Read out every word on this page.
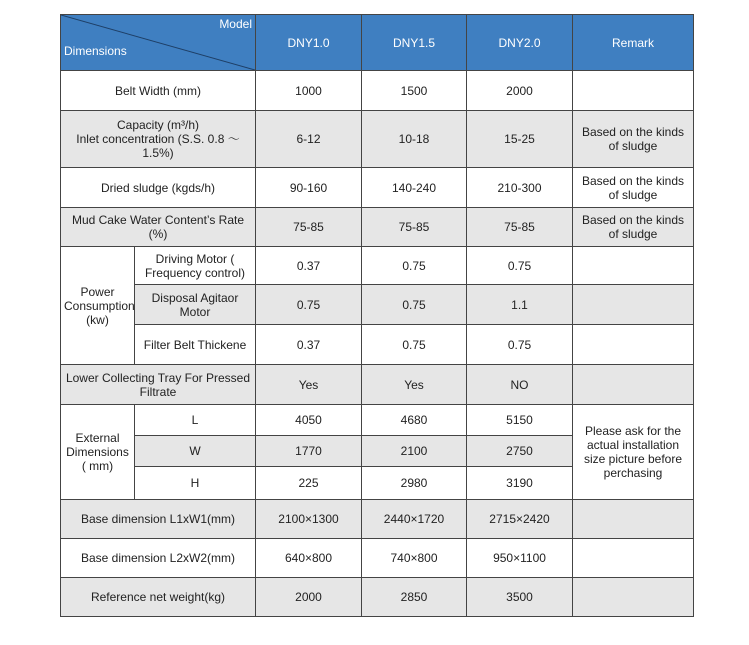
Model
Dimensions		DNY1.0	DNY1.5	DNY2.0	Remark
Belt Width (mm)		1000	1500	2000	

Capacity (m³/h)
Inlet concentration (S.S. 0.8 ～ 1.5%)		6-12	10-18	15-25	Based on the kinds of sludge
Dried sludge (kgds/h)		90-160	140-240	210-300	Based on the kinds of sludge
Mud Cake Water Content’s Rate (%)		75-85	75-85	75-85	Based on the kinds of sludge
Power Consumption (kw)	Driving Motor ( Frequency control)	0.37	0.75	0.75	
	Disposal Agitaor Motor	0.75	0.75	1.1	
	Filter Belt Thickene	0.37	0.75	0.75	
Lower Collecting Tray For Pressed Filtrate		Yes	Yes	NO	
External Dimensions ( mm)	L	4050	4680	5150	Please ask for the actual installation size picture before perchasing
	W	1770	2100	2750	
	H	225	2980	3190	
Base dimension L1xW1(mm)		2100×1300	2440×1720	2715×2420	
Base dimension L2xW2(mm)		640×800	740×800	950×1100	
Reference net weight(kg)		2000	2850	3500	
